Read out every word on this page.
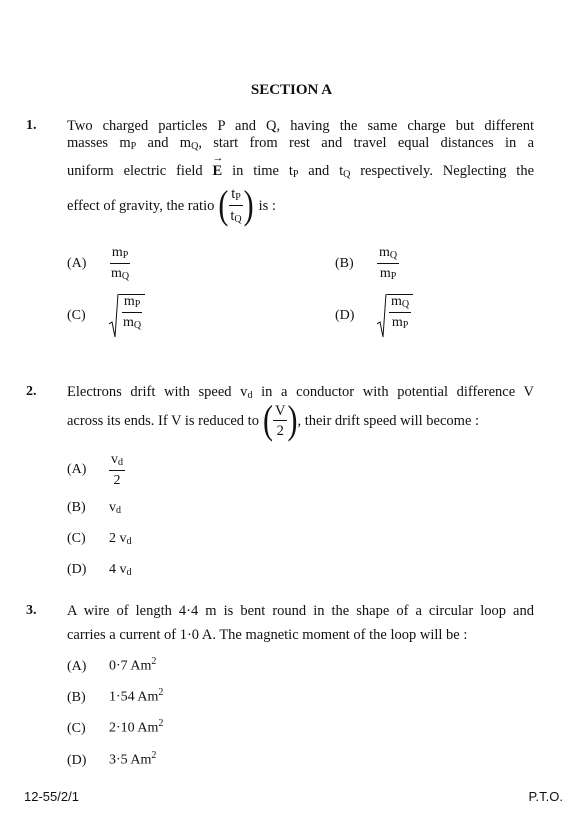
SECTION A
1. Two charged particles P and Q, having the same charge but different
masses $m_P$ and $m_Q$, start from rest and travel equal distances in a
uniform electric field → E in time $t_P$ and $t_Q$ respectively. Neglecting the
effect of gravity, the ratio ( $\frac{t_P}{t_Q}$ ) is :
(A)	$\frac{m_P}{m_Q}$	(B)	$\frac{m_Q}{m_P}$
(C)	$\frac{m_P}{m_Q}$	(D)	$\frac{m_Q}{m_P}$
2. Electrons drift with speed $v_d$ in a conductor with potential difference V
across its ends. If V is reduced to ( $\frac{V}{2}$ ) , their drift speed will become :
(A)	$\frac{v_d}{2}$
(B) $v_d$
(C) 2 $v_d$
(D) 4 $v_d$
3. A wire of length 4·4 m is bent round in the shape of a circular loop and
carries a current of 1·0 A. The magnetic moment of the loop will be :
(A) 0·7 Am$^2$
(B) 1·54 Am$^2$
(C) 2·10 Am$^2$
(D) 3·5 Am$^2$
12-55/2/1	P.T.O.
